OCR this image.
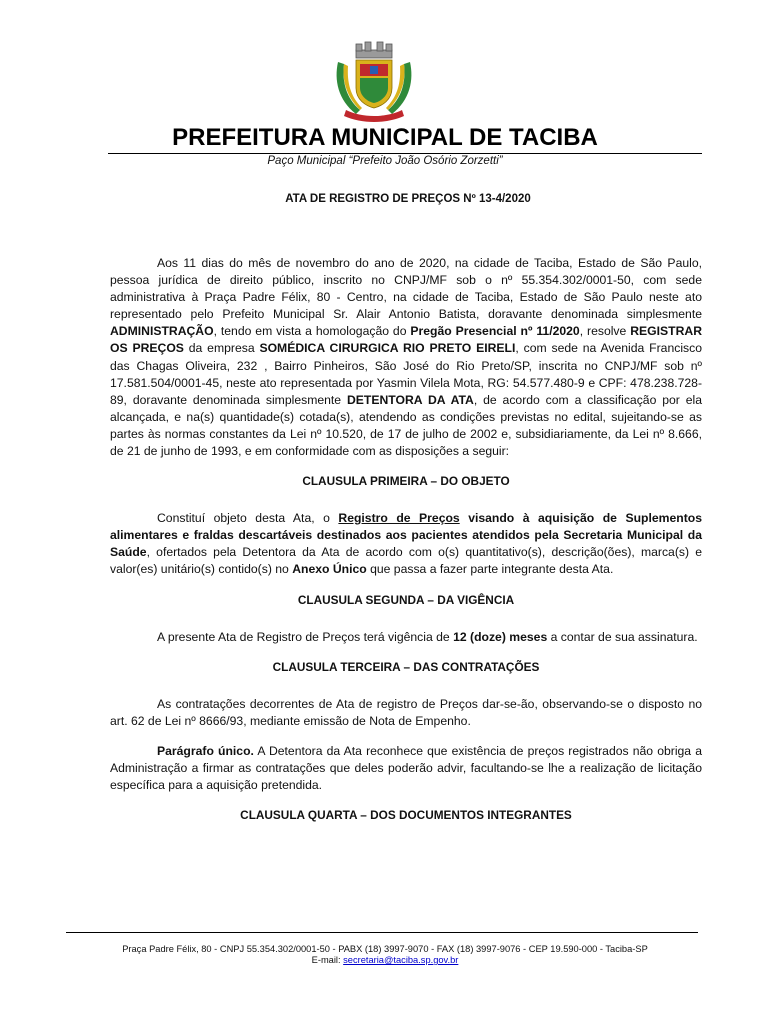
PREFEITURA MUNICIPAL DE TACIBA
Paço Municipal “Prefeito João Osório Zorzetti”
ATA DE REGISTRO DE PREÇOS Nº 13-4/2020

Aos 11 dias do mês de novembro do ano de 2020, na cidade de Taciba, Estado de São Paulo, pessoa jurídica de direito público, inscrito no CNPJ/MF sob o nº 55.354.302/0001-50, com sede administrativa à Praça Padre Félix, 80 - Centro, na cidade de Taciba, Estado de São Paulo neste ato representado pelo Prefeito Municipal Sr. Alair Antonio Batista, doravante denominada simplesmente ADMINISTRAÇÃO, tendo em vista a homologação do Pregão Presencial nº 11/2020, resolve REGISTRAR OS PREÇOS da empresa SOMÉDICA CIRURGICA RIO PRETO EIRELI, com sede na Avenida Francisco das Chagas Oliveira, 232 , Bairro Pinheiros, São José do Rio Preto/SP, inscrita no CNPJ/MF sob nº 17.581.504/0001-45, neste ato representada por Yasmin Vilela Mota, RG: 54.577.480-9 e CPF: 478.238.728-89, doravante denominada simplesmente DETENTORA DA ATA, de acordo com a classificação por ela alcançada, e na(s) quantidade(s) cotada(s), atendendo as condições previstas no edital, sujeitando-se as partes às normas constantes da Lei nº 10.520, de 17 de julho de 2002 e, subsidiariamente, da Lei nº 8.666, de 21 de junho de 1993, e em conformidade com as disposições a seguir:

CLAUSULA PRIMEIRA – DO OBJETO

Constituí objeto desta Ata, o Registro de Preços visando à aquisição de Suplementos alimentares e fraldas descartáveis destinados aos pacientes atendidos pela Secretaria Municipal da Saúde, ofertados pela Detentora da Ata de acordo com o(s) quantitativo(s), descrição(ões), marca(s) e valor(es) unitário(s) contido(s) no Anexo Único que passa a fazer parte integrante desta Ata.

CLAUSULA SEGUNDA – DA VIGÊNCIA

A presente Ata de Registro de Preços terá vigência de 12 (doze) meses a contar de sua assinatura.

CLAUSULA TERCEIRA – DAS CONTRATAÇÕES

As contratações decorrentes de Ata de registro de Preços dar-se-ão, observando-se o disposto no art. 62 de Lei nº 8666/93, mediante emissão de Nota de Empenho.

Parágrafo único. A Detentora da Ata reconhece que existência de preços registrados não obriga a Administração a firmar as contratações que deles poderão advir, facultando-se lhe a realização de licitação específica para a aquisição pretendida.

CLAUSULA QUARTA – DOS DOCUMENTOS INTEGRANTES
Praça Padre Félix, 80 - CNPJ 55.354.302/0001-50 - PABX (18) 3997-9070 - FAX (18) 3997-9076 - CEP 19.590-000 - Taciba-SP
E-mail: secretaria@taciba.sp.gov.br
